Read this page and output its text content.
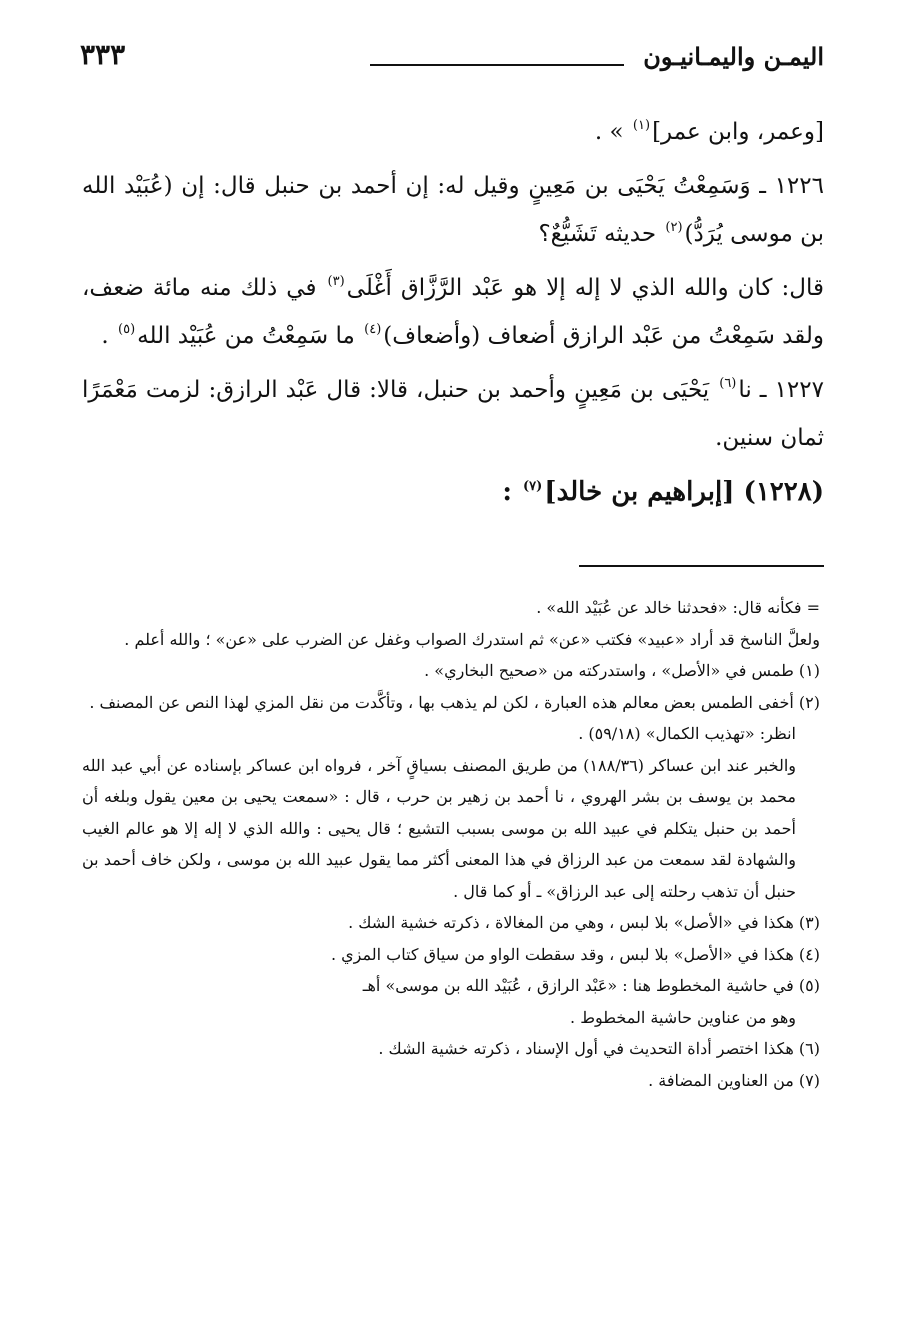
اليمـن واليمـانيـون
٣٣٣

[وعمر، وابن عمر]$^{(١)}$ » .

١٢٢٦ ـ وَسَمِعْتُ يَحْيَى بن مَعِينٍ وقيل له: إن أحمد بن حنبل قال: إن (عُبَيْد الله بن موسى يُرَدُّ)$^{(٢)}$ حديثه تَشَيُّعٌ؟

قال: كان والله الذي لا إله إلا هو عَبْد الرَّزَّاق أَغْلَى$^{(٣)}$ في ذلك منه مائة ضعف، ولقد سَمِعْتُ من عَبْد الرازق أضعاف (وأضعاف)$^{(٤)}$ ما سَمِعْتُ من عُبَيْد الله$^{(٥)}$ .

١٢٢٧ ـ نا$^{(٦)}$ يَحْيَى بن مَعِينٍ وأحمد بن حنبل، قالا: قال عَبْد الرازق: لزمت مَعْمَرًا ثمان سنين.

(١٢٢٨) [إبراهيم بن خالد]$^{(٧)}$ :

= فكأنه قال: «فحدثنا خالد عن عُبَيْد الله» .

ولعلَّ الناسخ قد أراد «عبيد» فكتب «عن» ثم استدرك الصواب وغفل عن الضرب على «عن» ؛ والله أعلم .

(١) طمس في «الأصل» ، واستدركته من «صحيح البخاري» .

(٢) أخفى الطمس بعض معالم هذه العبارة ، لكن لم يذهب بها ، وتأكَّدت من نقل المزي لهذا النص عن المصنف .

انظر: «تهذيب الكمال» (٥٩/١٨) .

والخبر عند ابن عساكر (١٨٨/٣٦) من طريق المصنف بسياقٍ آخر ، فرواه ابن عساكر بإسناده عن أبي عبد الله محمد بن يوسف بن بشر الهروي ، نا أحمد بن زهير بن حرب ، قال : «سمعت يحيى بن معين يقول وبلغه أن أحمد بن حنبل يتكلم في عبيد الله بن موسى بسبب التشيع ؛ قال يحيى : والله الذي لا إله إلا هو عالم الغيب والشهادة لقد سمعت من عبد الرزاق في هذا المعنى أكثر مما يقول عبيد الله بن موسى ، ولكن خاف أحمد بن حنبل أن تذهب رحلته إلى عبد الرزاق» ـ أو كما قال .

(٣) هكذا في «الأصل» بلا لبس ، وهي من المغالاة ، ذكرته خشية الشك .

(٤) هكذا في «الأصل» بلا لبس ، وقد سقطت الواو من سياق كتاب المزي .

(٥) في حاشية المخطوط هنا : «عَبْد الرازق ، عُبَيْد الله بن موسى» أهـ

وهو من عناوين حاشية المخطوط .

(٦) هكذا اختصر أداة التحديث في أول الإسناد ، ذكرته خشية الشك .

(٧) من العناوين المضافة .
